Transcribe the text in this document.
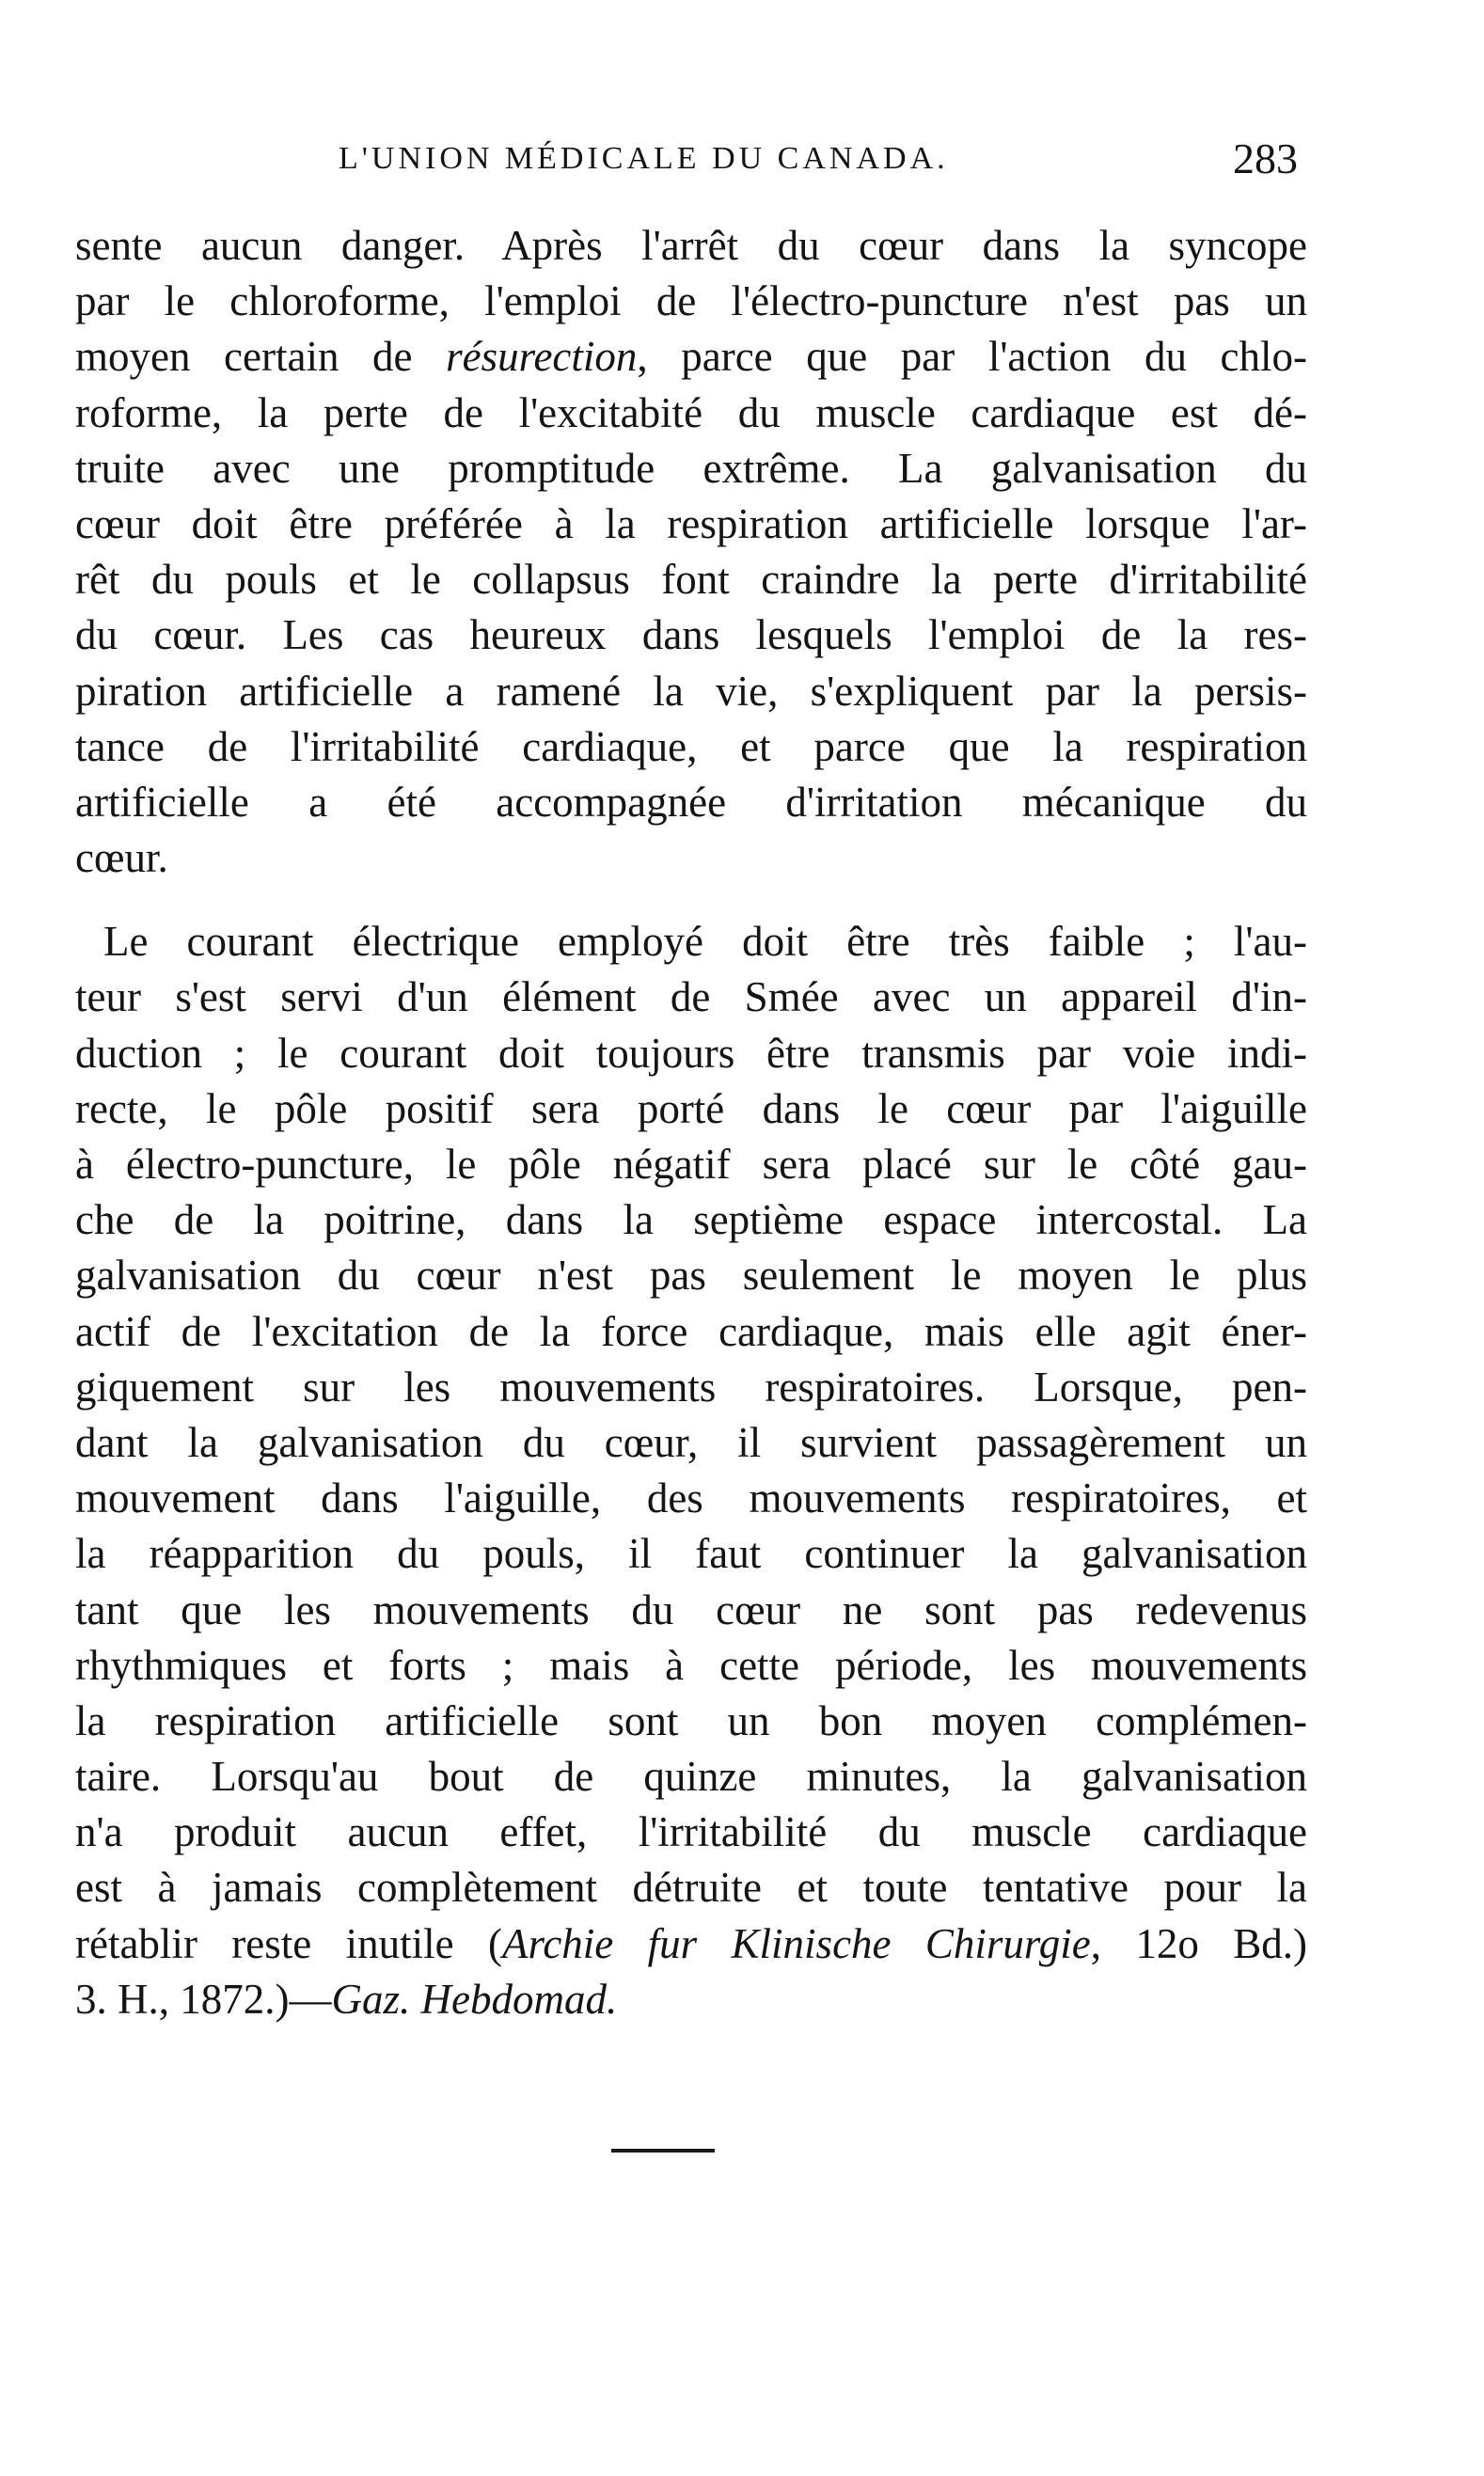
L'UNION MÉDICALE DU CANADA.	283
sente aucun danger. Après l'arrêt du cœur dans la syncope
par le chloroforme, l'emploi de l'électro-puncture n'est pas un
moyen certain de résurection, parce que par l'action du chlo-
roforme, la perte de l'excitabité du muscle cardiaque est dé-
truite avec une promptitude extrême. La galvanisation du
cœur doit être préférée à la respiration artificielle lorsque l'ar-
rêt du pouls et le collapsus font craindre la perte d'irritabilité
du cœur. Les cas heureux dans lesquels l'emploi de la res-
piration artificielle a ramené la vie, s'expliquent par la persis-
tance de l'irritabilité cardiaque, et parce que la respiration
artificielle a été accompagnée d'irritation mécanique du
cœur.
Le courant électrique employé doit être très faible ; l'au-
teur s'est servi d'un élément de Smée avec un appareil d'in-
duction ; le courant doit toujours être transmis par voie indi-
recte, le pôle positif sera porté dans le cœur par l'aiguille
à électro-puncture, le pôle négatif sera placé sur le côté gau-
che de la poitrine, dans la septième espace intercostal. La
galvanisation du cœur n'est pas seulement le moyen le plus
actif de l'excitation de la force cardiaque, mais elle agit éner-
giquement sur les mouvements respiratoires. Lorsque, pen-
dant la galvanisation du cœur, il survient passagèrement un
mouvement dans l'aiguille, des mouvements respiratoires, et
la réapparition du pouls, il faut continuer la galvanisation
tant que les mouvements du cœur ne sont pas redevenus
rhythmiques et forts ; mais à cette période, les mouvements
la respiration artificielle sont un bon moyen complémen-
taire. Lorsqu'au bout de quinze minutes, la galvanisation
n'a produit aucun effet, l'irritabilité du muscle cardiaque
est à jamais complètement détruite et toute tentative pour la
rétablir reste inutile (Archie fur Klinische Chirurgie, 12o Bd.)
3. H., 1872.)—Gaz. Hebdomad.
